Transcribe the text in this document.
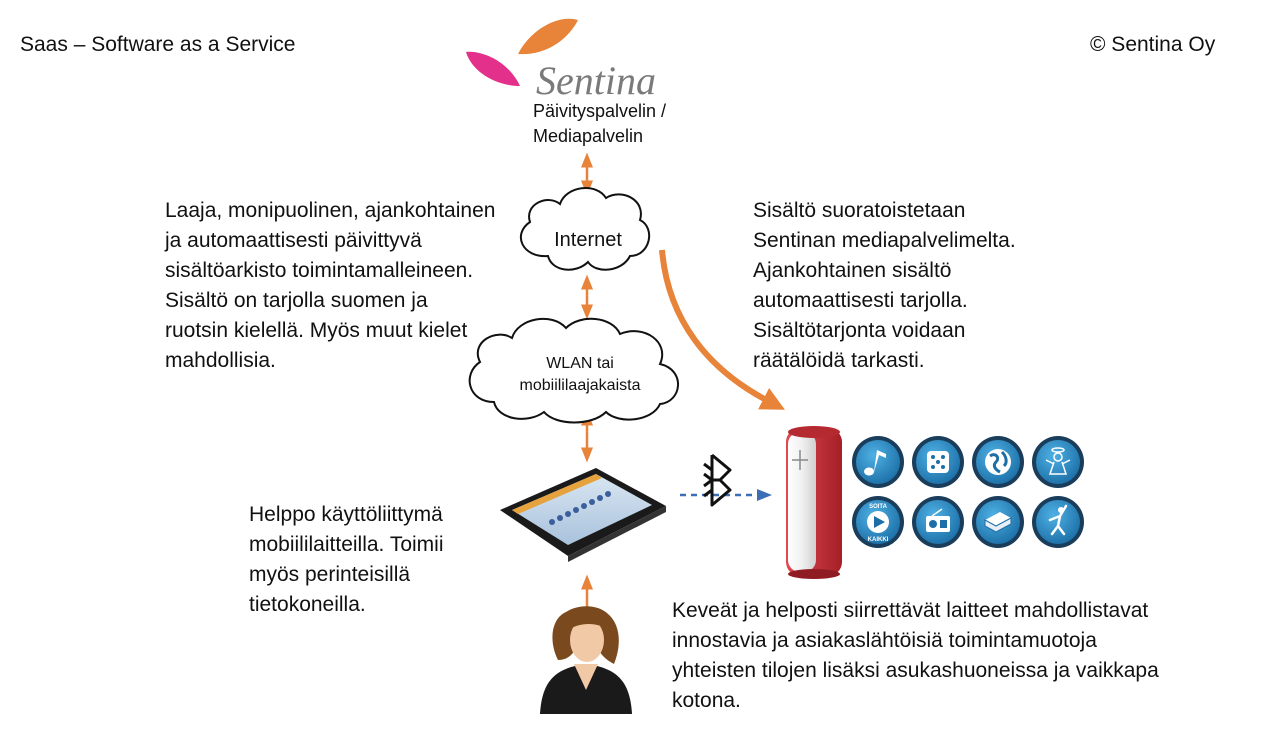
Saas – Software as a Service	© Sentina Oy
Sentina
SOITA
KAIKKI
Päivityspalvelin /
Mediapalvelin
Internet
WLAN tai
mobiililaajakaista
Laaja, monipuolinen, ajankohtainen
ja automaattisesti päivittyvä
sisältöarkisto toimintamalleineen.
Sisältö on tarjolla suomen ja
ruotsin kielellä. Myös muut kielet
mahdollisia.
Sisältö suoratoistetaan
Sentinan mediapalvelimelta.
Ajankohtainen sisältö
automaattisesti tarjolla.
Sisältötarjonta voidaan
räätälöidä tarkasti.
Helppo käyttöliittymä
mobiililaitteilla. Toimii
myös perinteisillä
tietokoneilla.	Keveät ja helposti siirrettävät laitteet mahdollistavat
innostavia ja asiakaslähtöisiä toimintamuotoja
yhteisten tilojen lisäksi asukashuoneissa ja vaikkapa
kotona.
